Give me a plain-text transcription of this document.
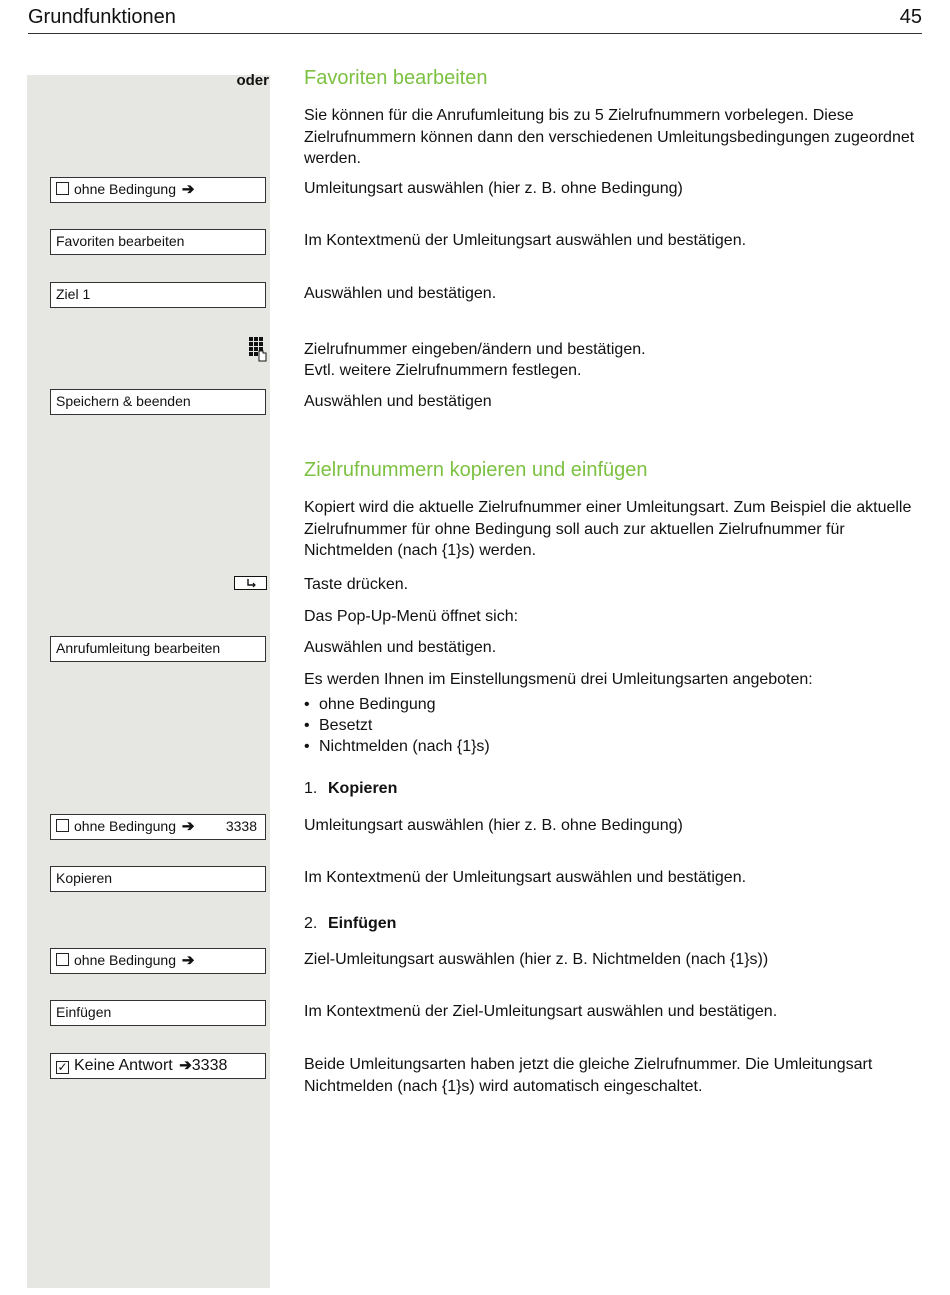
Grundfunktionen	45
oder
ohne Bedingung ➔
Favoriten bearbeiten
Ziel 1
Speichern & beenden
Anrufumleitung bearbeiten
ohne Bedingung ➔ 3338
Kopieren
ohne Bedingung ➔
Einfügen
✓ Keine Antwort ➔3338
Favoriten bearbeiten
Sie können für die Anrufumleitung bis zu 5 Zielrufnummern vorbelegen. Diese Zielrufnummern können dann den verschiedenen Umleitungsbedingungen zugeordnet werden.
Umleitungsart auswählen (hier z. B. ohne Bedingung)
Im Kontextmenü der Umleitungsart auswählen und bestätigen.
Auswählen und bestätigen.
Zielrufnummer eingeben/ändern und bestätigen.
Evtl. weitere Zielrufnummern festlegen.
Auswählen und bestätigen
Zielrufnummern kopieren und einfügen
Kopiert wird die aktuelle Zielrufnummer einer Umleitungsart. Zum Beispiel die aktuelle Zielrufnummer für ohne Bedingung soll auch zur aktuellen Zielrufnummer für Nichtmelden (nach {1}s) werden.
Taste drücken.
Das Pop-Up-Menü öffnet sich:
Auswählen und bestätigen.
Es werden Ihnen im Einstellungsmenü drei Umleitungsarten angeboten:
• ohne Bedingung
• Besetzt
• Nichtmelden (nach {1}s)
1. Kopieren
Umleitungsart auswählen (hier z. B. ohne Bedingung)
Im Kontextmenü der Umleitungsart auswählen und bestätigen.
2. Einfügen
Ziel-Umleitungsart auswählen (hier z. B. Nichtmelden (nach {1}s))
Im Kontextmenü der Ziel-Umleitungsart auswählen und bestätigen.
Beide Umleitungsarten haben jetzt die gleiche Zielrufnummer. Die Umleitungsart Nichtmelden (nach {1}s) wird automatisch eingeschaltet.
